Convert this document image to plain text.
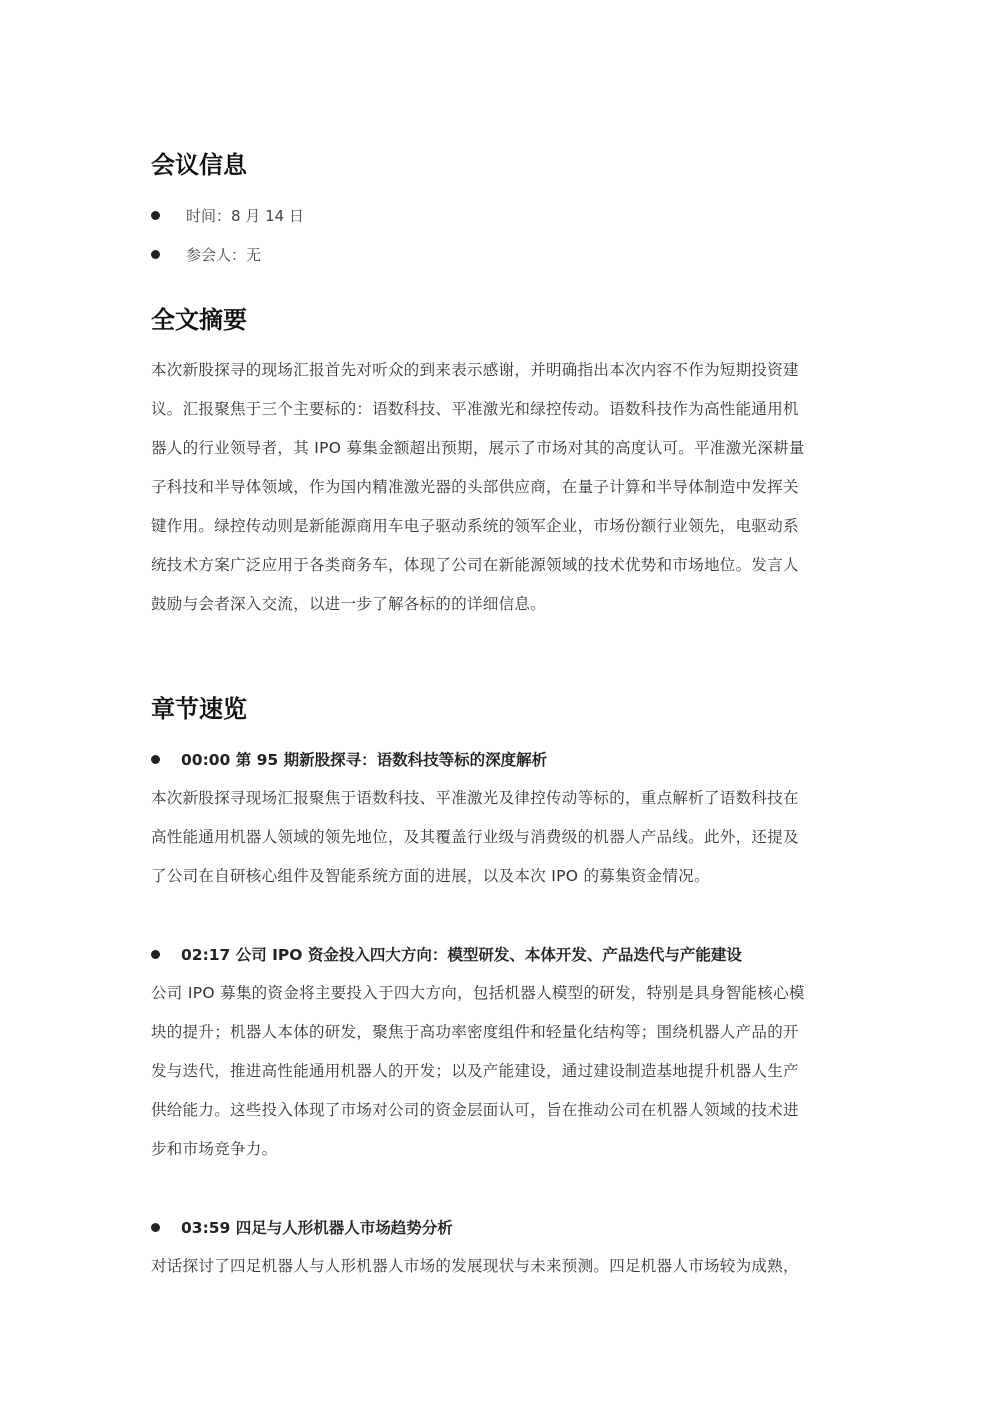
会议信息
时间：8 月 14 日
参会人：无
全文摘要
本次新股探寻的现场汇报首先对听众的到来表示感谢，并明确指出本次内容不作为短期投资建
议。汇报聚焦于三个主要标的：语数科技、平准激光和绿控传动。语数科技作为高性能通用机
器人的行业领导者，其 IPO 募集金额超出预期，展示了市场对其的高度认可。平准激光深耕量
子科技和半导体领域，作为国内精准激光器的头部供应商，在量子计算和半导体制造中发挥关
键作用。绿控传动则是新能源商用车电子驱动系统的领军企业，市场份额行业领先，电驱动系
统技术方案广泛应用于各类商务车，体现了公司在新能源领域的技术优势和市场地位。发言人
鼓励与会者深入交流，以进一步了解各标的的详细信息。
章节速览
00:00 第 95 期新股探寻：语数科技等标的深度解析
本次新股探寻现场汇报聚焦于语数科技、平准激光及律控传动等标的，重点解析了语数科技在
高性能通用机器人领域的领先地位，及其覆盖行业级与消费级的机器人产品线。此外，还提及
了公司在自研核心组件及智能系统方面的进展，以及本次 IPO 的募集资金情况。
02:17 公司 IPO 资金投入四大方向：模型研发、本体开发、产品迭代与产能建设
公司 IPO 募集的资金将主要投入于四大方向，包括机器人模型的研发，特别是具身智能核心模
块的提升；机器人本体的研发，聚焦于高功率密度组件和轻量化结构等；围绕机器人产品的开
发与迭代，推进高性能通用机器人的开发；以及产能建设，通过建设制造基地提升机器人生产
供给能力。这些投入体现了市场对公司的资金层面认可，旨在推动公司在机器人领域的技术进
步和市场竞争力。
03:59 四足与人形机器人市场趋势分析
对话探讨了四足机器人与人形机器人市场的发展现状与未来预测。四足机器人市场较为成熟，
